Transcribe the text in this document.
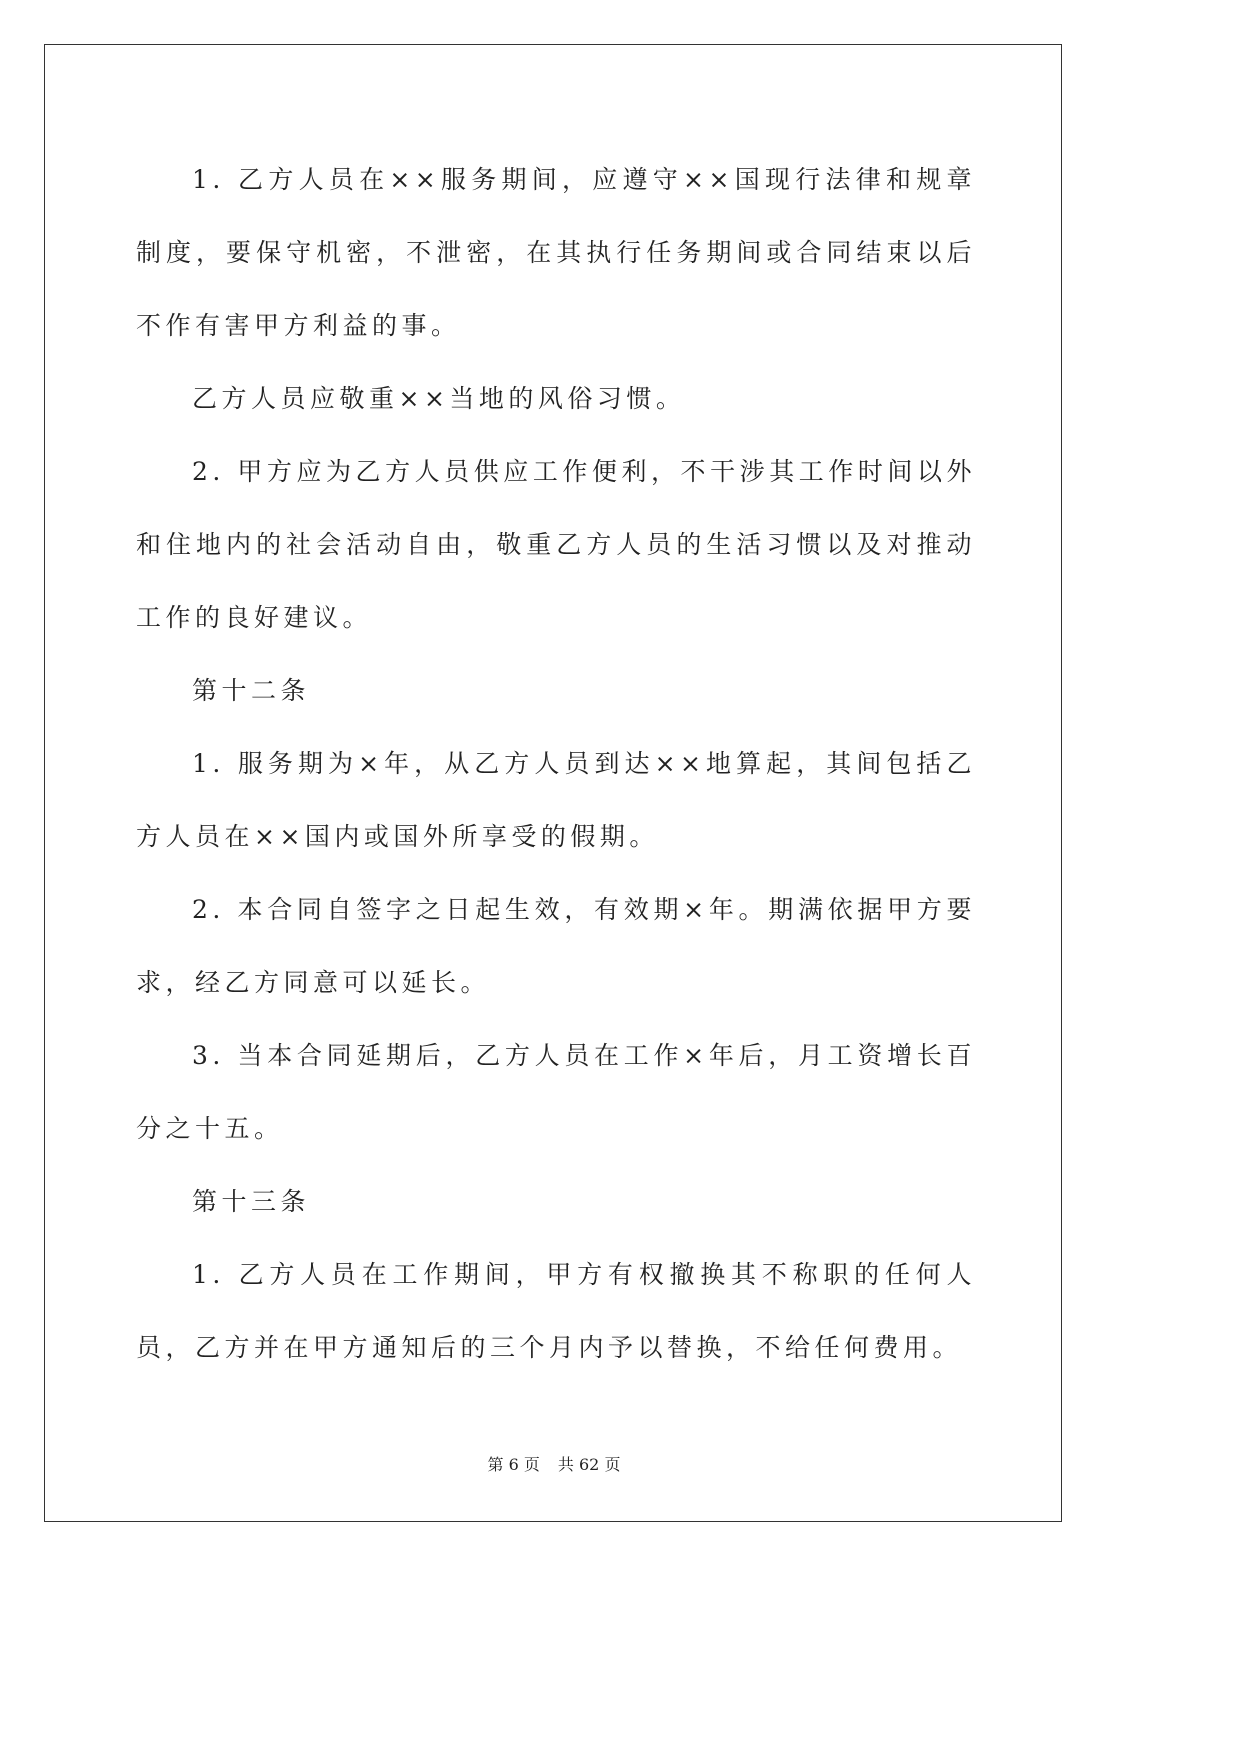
1. 乙方人员在××服务期间，应遵守××国现行法律和规章制度，要保守机密，不泄密，在其执行任务期间或合同结束以后不作有害甲方利益的事。

乙方人员应敬重××当地的风俗习惯。

2. 甲方应为乙方人员供应工作便利，不干涉其工作时间以外和住地内的社会活动自由，敬重乙方人员的生活习惯以及对推动工作的良好建议。

第十二条

1. 服务期为×年，从乙方人员到达××地算起，其间包括乙方人员在××国内或国外所享受的假期。

2. 本合同自签字之日起生效，有效期×年。期满依据甲方要求，经乙方同意可以延长。

3. 当本合同延期后，乙方人员在工作×年后，月工资增长百分之十五。

第十三条

1. 乙方人员在工作期间，甲方有权撤换其不称职的任何人员，乙方并在甲方通知后的三个月内予以替换，不给任何费用。

第 6 页 共 62 页
